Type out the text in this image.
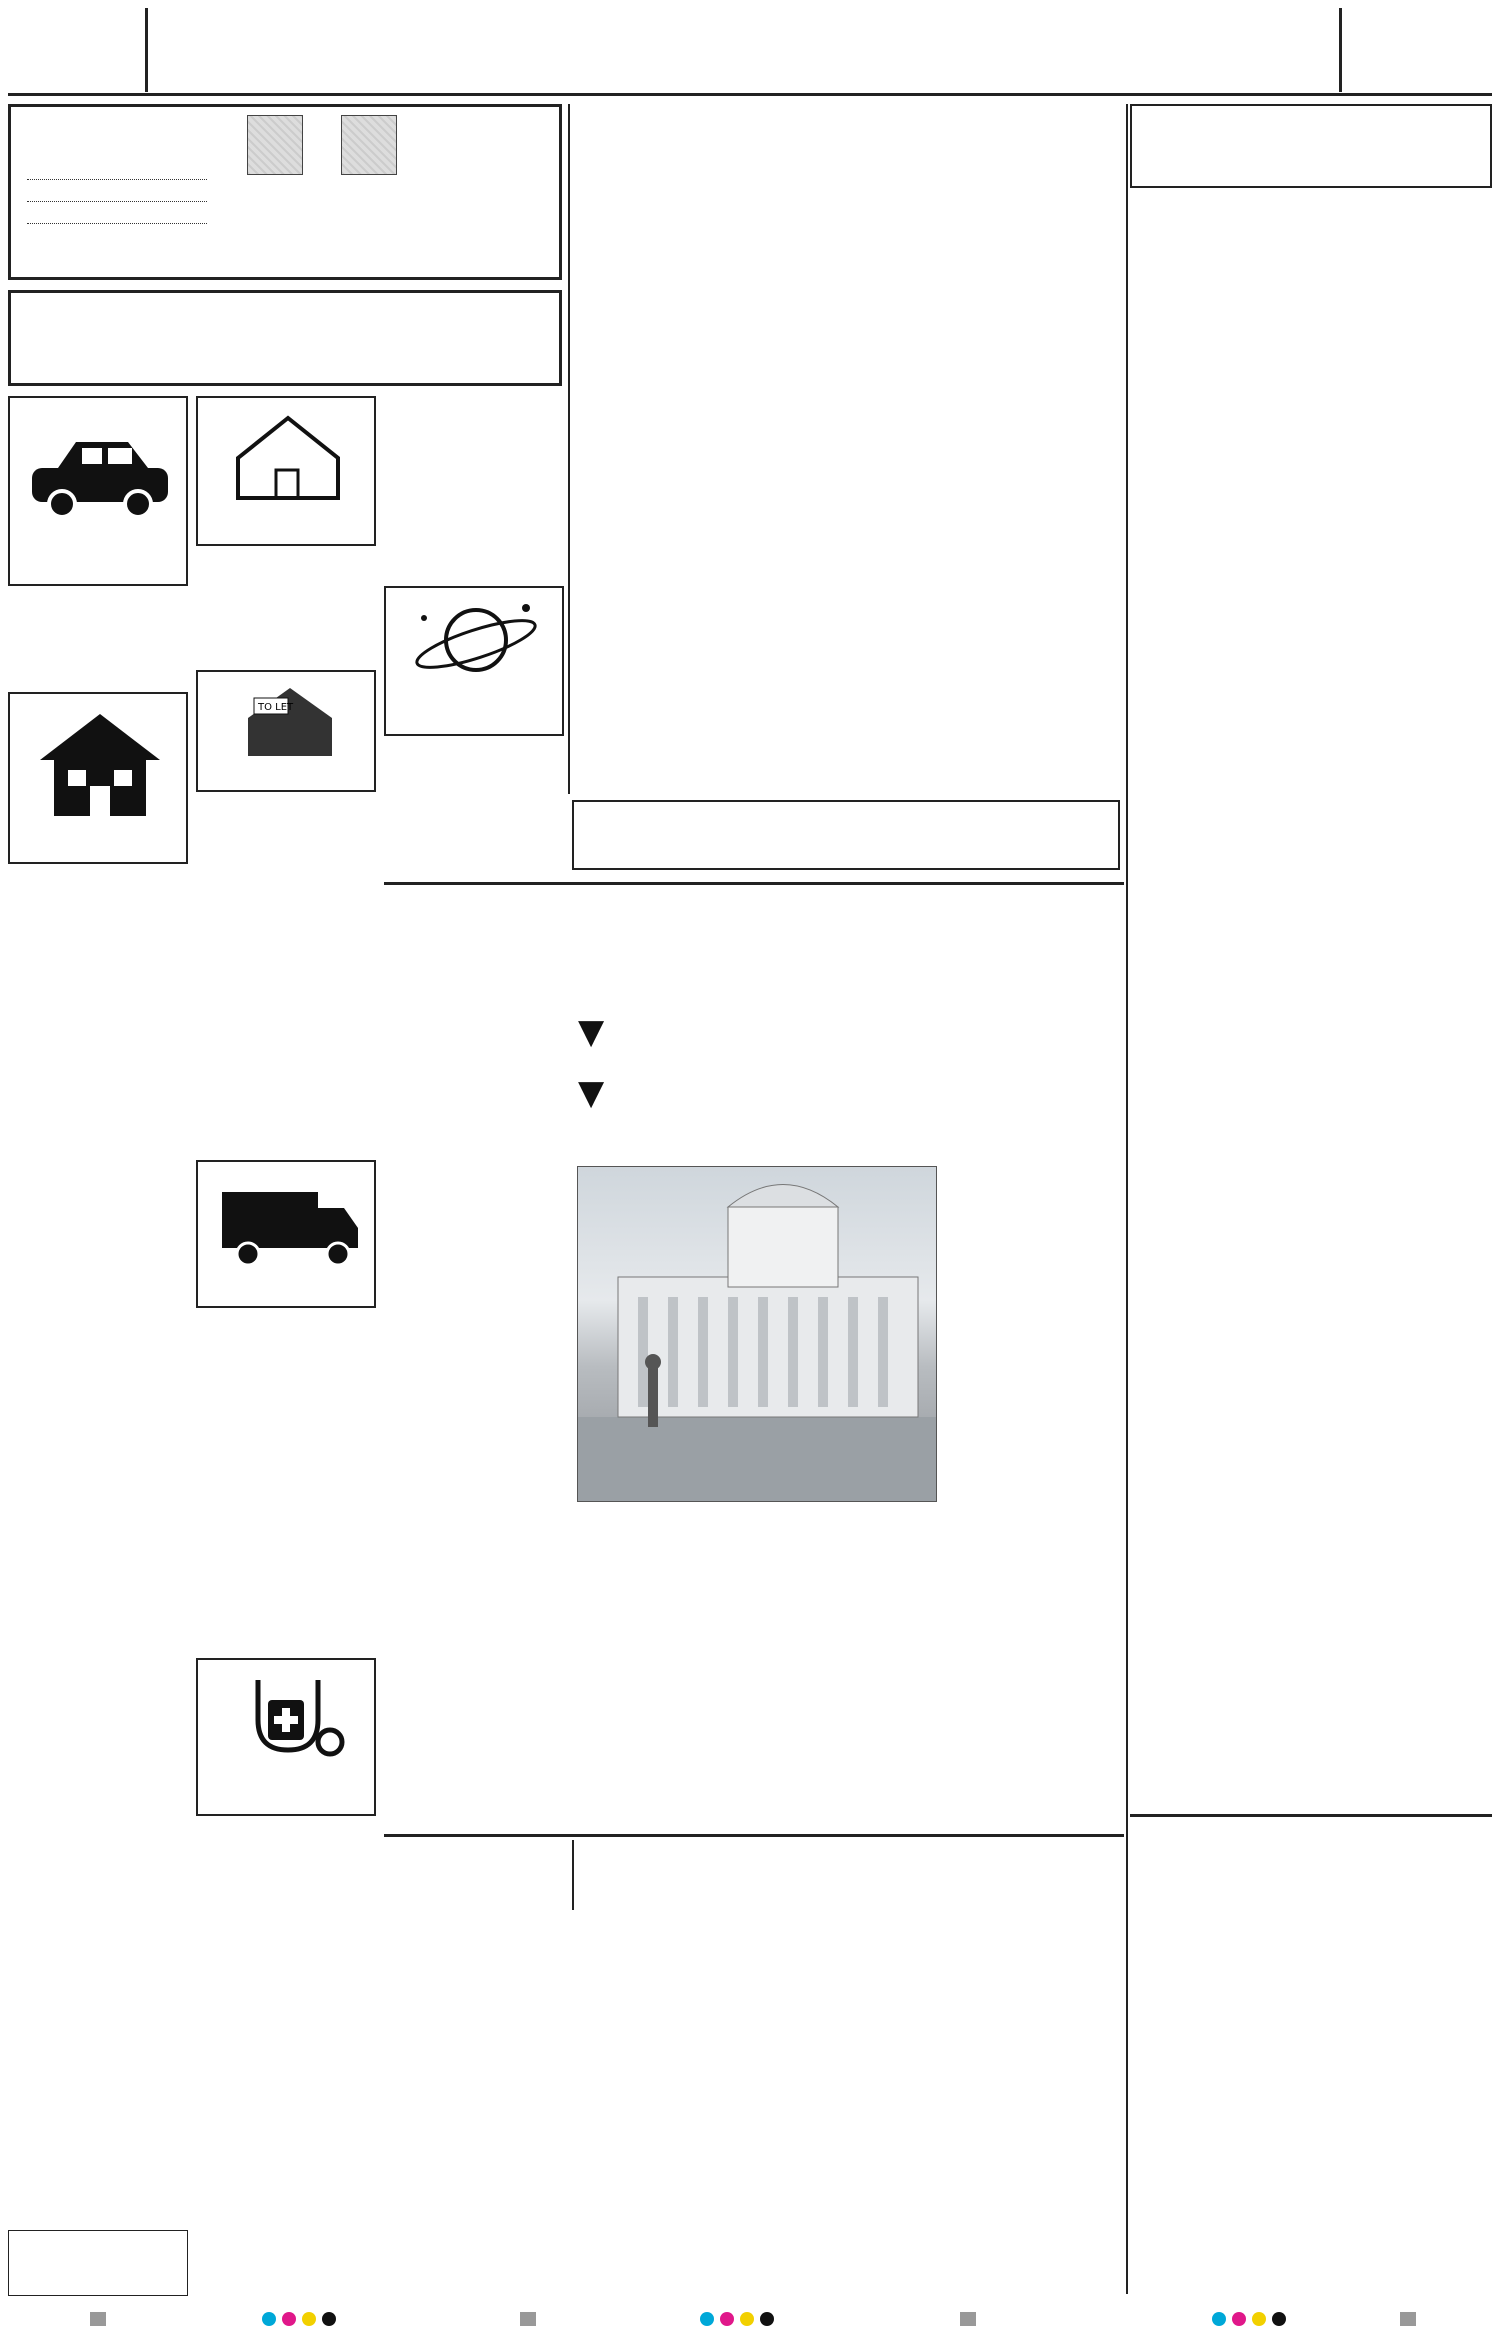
TO LET
▼
▼
